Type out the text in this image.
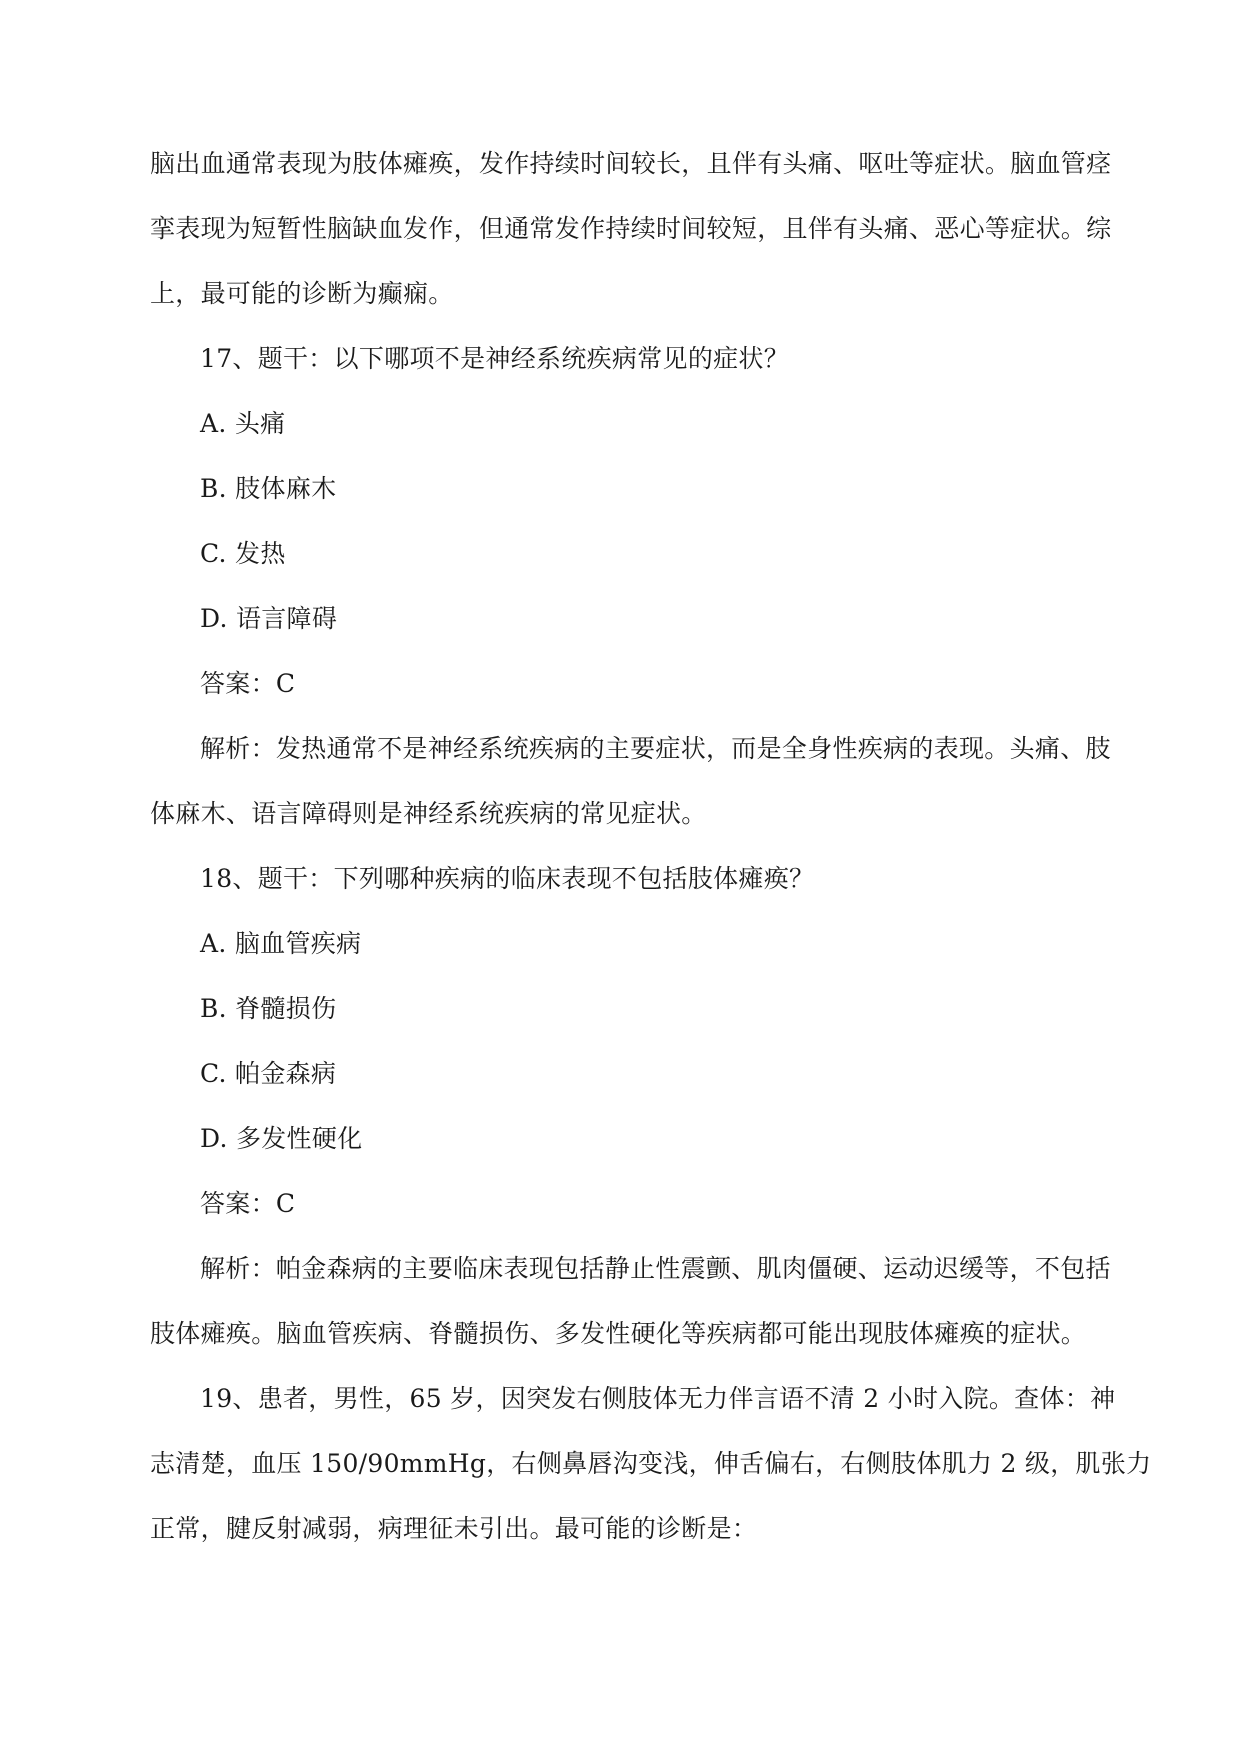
脑出血通常表现为肢体瘫痪，发作持续时间较长，且伴有头痛、呕吐等症状。脑血管痉
挛表现为短暂性脑缺血发作，但通常发作持续时间较短，且伴有头痛、恶心等症状。综
上，最可能的诊断为癫痫。
17、题干：以下哪项不是神经系统疾病常见的症状？
A. 头痛
B. 肢体麻木
C. 发热
D. 语言障碍
答案：C
解析：发热通常不是神经系统疾病的主要症状，而是全身性疾病的表现。头痛、肢
体麻木、语言障碍则是神经系统疾病的常见症状。
18、题干：下列哪种疾病的临床表现不包括肢体瘫痪？
A. 脑血管疾病
B. 脊髓损伤
C. 帕金森病
D. 多发性硬化
答案：C
解析：帕金森病的主要临床表现包括静止性震颤、肌肉僵硬、运动迟缓等，不包括
肢体瘫痪。脑血管疾病、脊髓损伤、多发性硬化等疾病都可能出现肢体瘫痪的症状。
19、患者，男性，65 岁，因突发右侧肢体无力伴言语不清 2 小时入院。查体：神
志清楚，血压 150/90mmHg，右侧鼻唇沟变浅，伸舌偏右，右侧肢体肌力 2 级，肌张力
正常，腱反射减弱，病理征未引出。最可能的诊断是：
